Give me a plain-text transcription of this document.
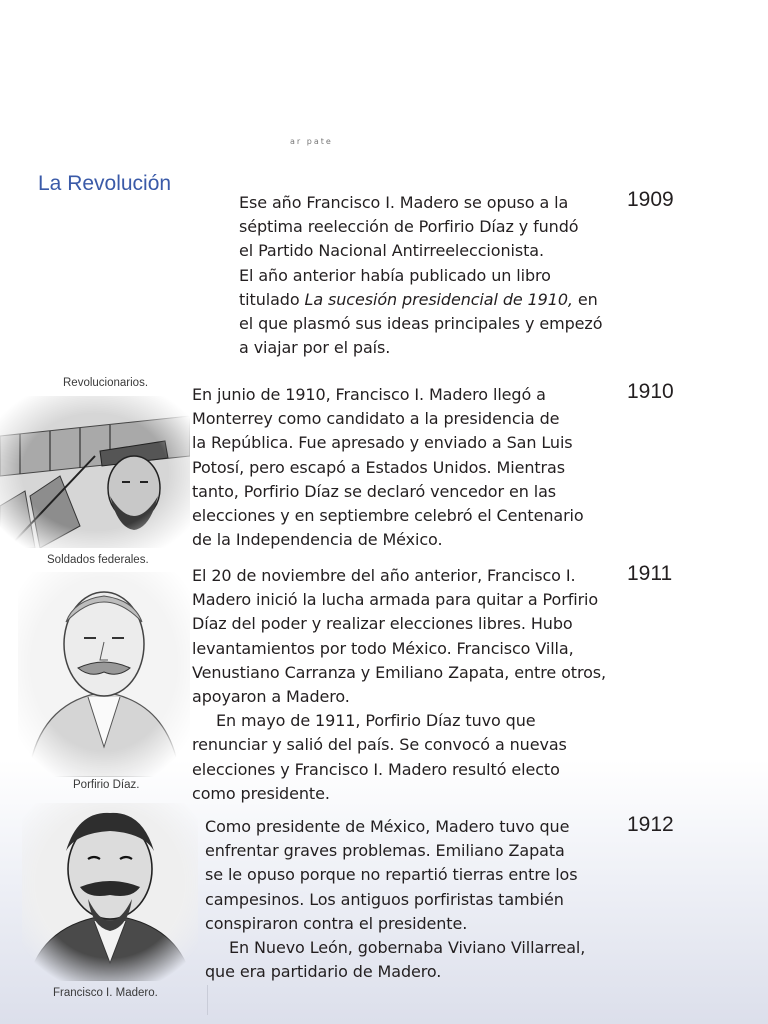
ar pate
La Revolución
Revolucionarios.
Soldados federales.
Porfirio Díaz.
Francisco I. Madero.
1909

Ese año Francisco I. Madero se opuso a la
séptima reelección de Porfirio Díaz y fundó
el Partido Nacional Antirreeleccionista.
El año anterior había publicado un libro
titulado La sucesión presidencial de 1910, en
el que plasmó sus ideas principales y empezó
a viajar por el país.

1910

En junio de 1910, Francisco I. Madero llegó a
Monterrey como candidato a la presidencia de
la República. Fue apresado y enviado a San Luis
Potosí, pero escapó a Estados Unidos. Mientras
tanto, Porfirio Díaz se declaró vencedor en las
elecciones y en septiembre celebró el Centenario
de la Independencia de México.

1911

El 20 de noviembre del año anterior, Francisco I.
Madero inició la lucha armada para quitar a Porfirio
Díaz del poder y realizar elecciones libres. Hubo
levantamientos por todo México. Francisco Villa,
Venustiano Carranza y Emiliano Zapata, entre otros,
apoyaron a Madero.
En mayo de 1911, Porfirio Díaz tuvo que
renunciar y salió del país. Se convocó a nuevas
elecciones y Francisco I. Madero resultó electo
como presidente.

1912

Como presidente de México, Madero tuvo que
enfrentar graves problemas. Emiliano Zapata
se le opuso porque no repartió tierras entre los
campesinos. Los antiguos porfiristas también
conspiraron contra el presidente.
En Nuevo León, gobernaba Viviano Villarreal,
que era partidario de Madero.
